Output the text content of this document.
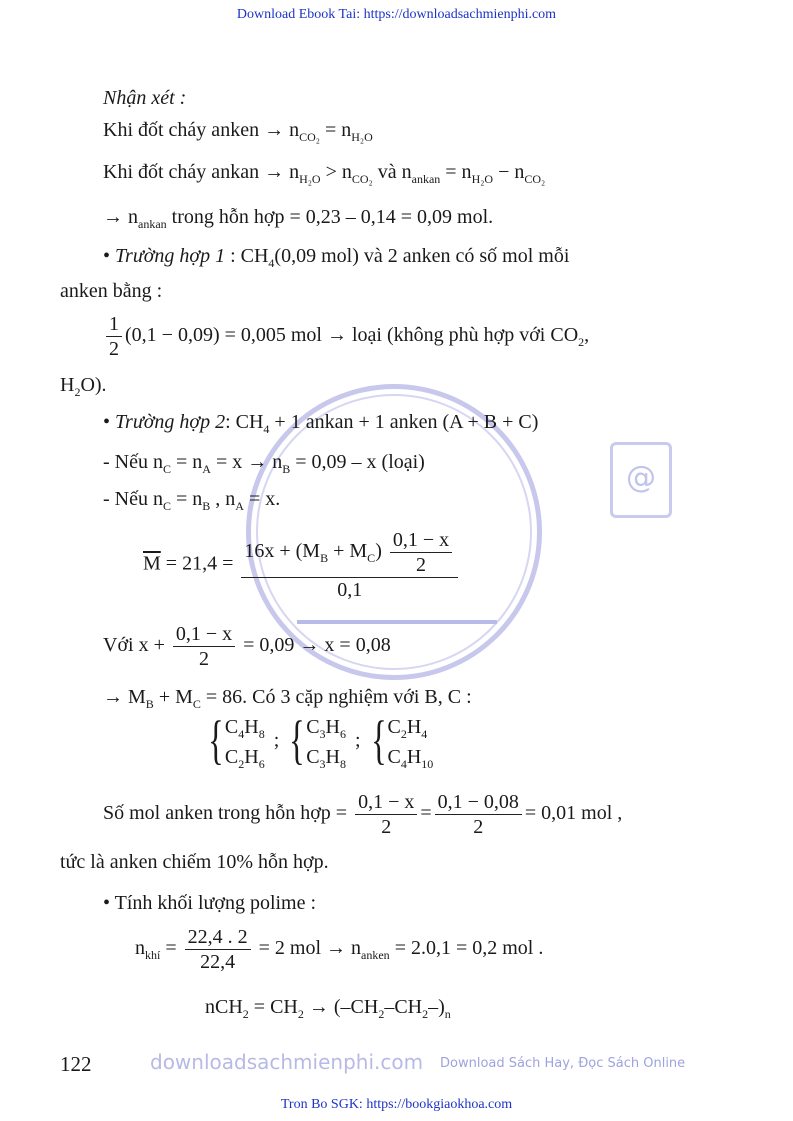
Download Ebook Tai: https://downloadsachmienphi.com
@
downloadsachmienphi.com Download Sách Hay, Đọc Sách Online
Nhận xét :
Khi đốt cháy anken → $n_{CO_2} = n_{H_2O}$
Khi đốt cháy ankan → $n_{H_2O} > n_{CO_2}$ và $n_{ankan} = n_{H_2O} - n_{CO_2}$
→ $n_{ankan}$ trong hỗn hợp = 0,23 – 0,14 = 0,09 mol.
• Trường hợp 1 : $CH_4(0,09$ mol) và 2 anken có số mol mỗi
anken bằng :
$\frac{1}{2} (0,1 - 0,09) = 0,005$ mol → loại (không phù hợp với $CO_2$,
$H_2O$).
• Trường hợp 2: $CH_4 + 1$ ankan + 1 anken (A + B + C)
- Nếu $n_C = n_A = x \to n_B = 0,09 - x$ (loại)
- Nếu $n_C = n_B$ , $n_A = x$.
$\overline{M} = 21,4 = \frac{16x + (M_B + M_C) \frac{0,1 - x}{2}}{0,1}$
Với $x + \frac{0,1 - x}{2} = 0,09 \to x = 0,08$
→ $M_B + M_C = 86$. Có 3 cặp nghiệm với B, C :
{ $C_4H_8$
$C_2H_6$
; { $C_3H_6$
$C_3H_8$
; { $C_2H_4$
$C_4H_{10}$
Số mol anken trong hỗn hợp = $\frac{0,1 - x}{2} = \frac{0,1 - 0,08}{2} = 0,01$ mol ,
tức là anken chiếm 10% hỗn hợp.
• Tính khối lượng polime :
$n_{khí} = \frac{22,4 . 2}{22,4} = 2$ mol → $n_{anken} = 2.0,1 = 0,2$ mol .
$nCH_2 = CH_2 \to (-CH_2-CH_2-)_n$
122
Tron Bo SGK: https://bookgiaokhoa.com
